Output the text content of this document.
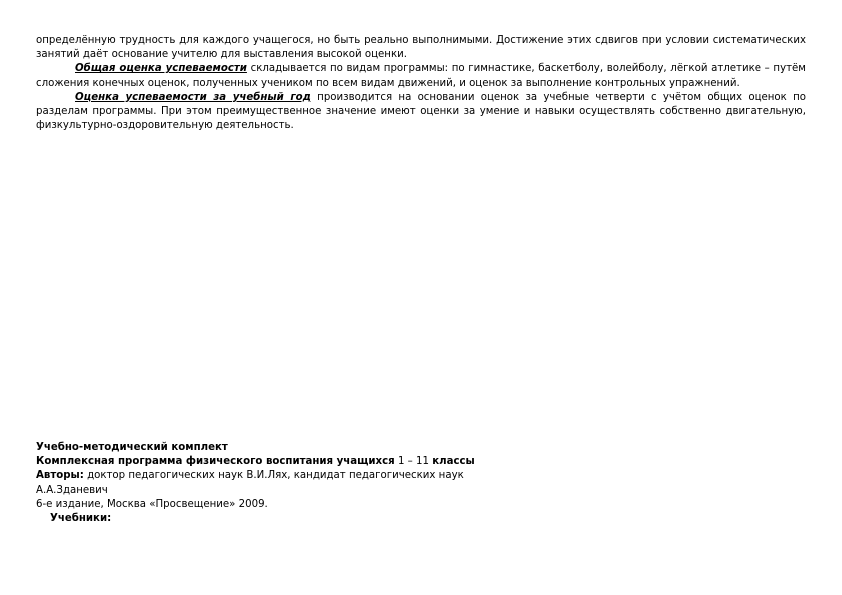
определённую трудность для каждого учащегося, но быть реально выполнимыми. Достижение этих сдвигов при условии систематических занятий даёт основание учителю для выставления высокой оценки.

Общая оценка успеваемости складывается по видам программы: по гимнастике, баскетболу, волейболу, лёгкой атлетике – путём сложения конечных оценок, полученных учеником по всем видам движений, и оценок за выполнение контрольных упражнений.

Оценка успеваемости за учебный год производится на основании оценок за учебные четверти с учётом общих оценок по разделам программы. При этом преимущественное значение имеют оценки за умение и навыки осуществлять собственно двигательную, физкультурно-оздоровительную деятельность.

Учебно-методический комплект
Комплексная программа физического воспитания учащихся 1 – 11 классы
Авторы: доктор педагогических наук В.И.Лях, кандидат педагогических наук
А.А.Зданевич
6-е издание, Москва «Просвещение» 2009.
Учебники:
